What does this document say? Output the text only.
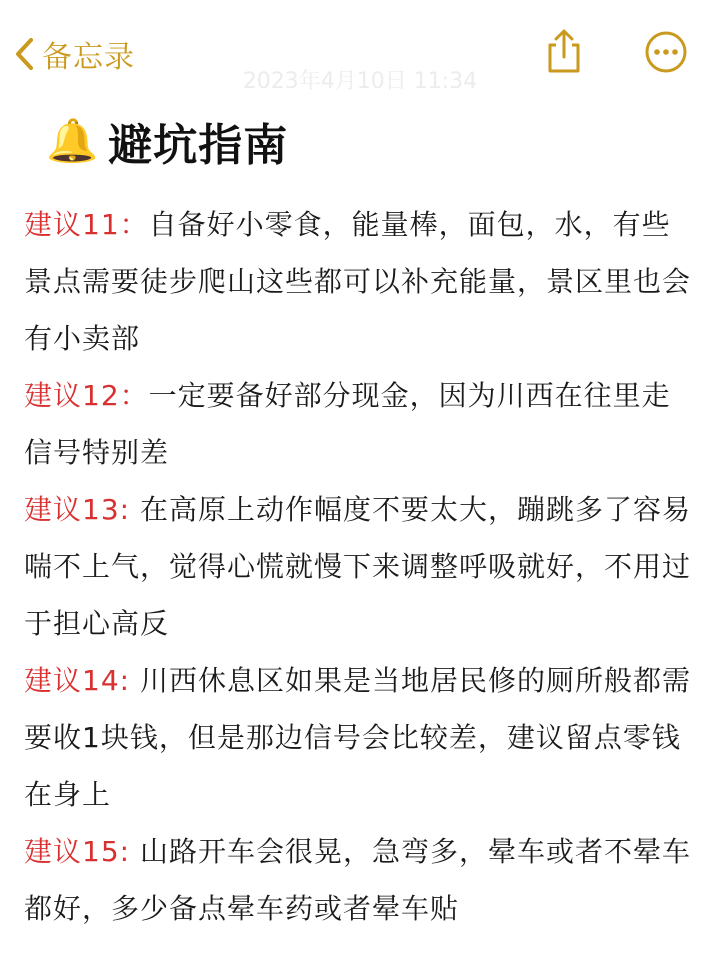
备忘录
2023年4月10日 11:34
🔔 避坑指南

建议11：自备好小零食，能量棒，面包，水，有些景点需要徒步爬山这些都可以补充能量，景区里也会有小卖部

建议12：一定要备好部分现金，因为川西在往里走信号特别差

建议13: 在高原上动作幅度不要太大，蹦跳多了容易喘不上气，觉得心慌就慢下来调整呼吸就好，不用过于担心高反

建议14: 川西休息区如果是当地居民修的厕所般都需要收1块钱，但是那边信号会比较差，建议留点零钱在身上

建议15: 山路开车会很晃，急弯多，晕车或者不晕车都好，多少备点晕车药或者晕车贴
